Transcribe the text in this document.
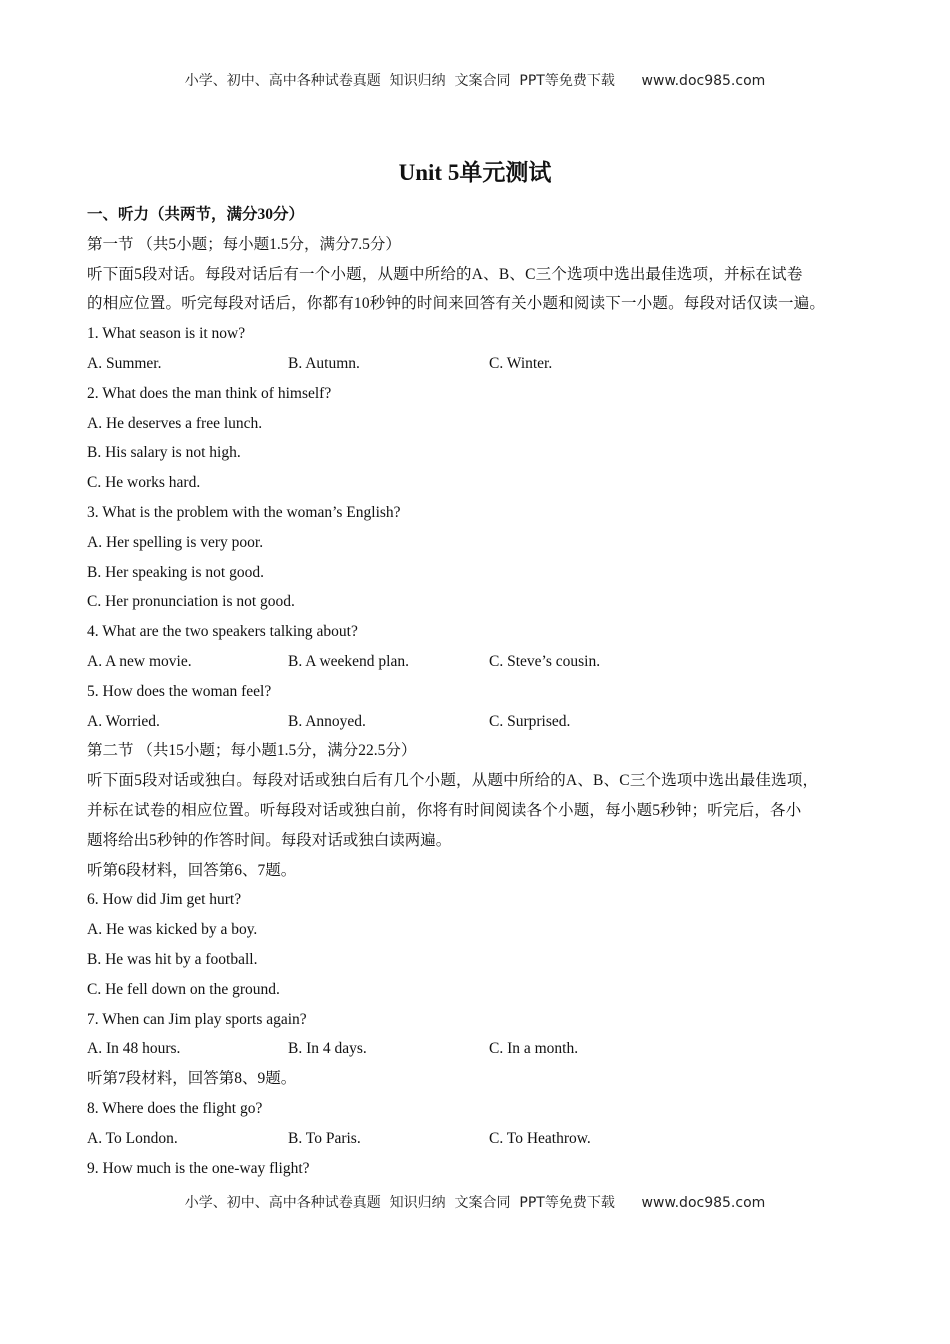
小学、初中、高中各种试卷真题  知识归纳  文案合同  PPT等免费下载      www.doc985.com
Unit 5单元测试
一、听力（共两节，满分30分）
第一节 （共5小题；每小题1.5分，满分7.5分）
听下面5段对话。每段对话后有一个小题，从题中所给的A、B、C三个选项中选出最佳选项，并标在试卷
的相应位置。听完每段对话后，你都有10秒钟的时间来回答有关小题和阅读下一小题。每段对话仅读一遍。
1. What season is it now?
A. Summer.	B. Autumn.	C. Winter.
2. What does the man think of himself?
A. He deserves a free lunch.
B. His salary is not high.
C. He works hard.
3. What is the problem with the woman’s English?
A. Her spelling is very poor.
B. Her speaking is not good.
C. Her pronunciation is not good.
4. What are the two speakers talking about?
A. A new movie.	B. A weekend plan.	C. Steve’s cousin.
5. How does the woman feel?
A. Worried.	B. Annoyed.	C. Surprised.
第二节 （共15小题；每小题1.5分，满分22.5分）
听下面5段对话或独白。每段对话或独白后有几个小题，从题中所给的A、B、C三个选项中选出最佳选项，
并标在试卷的相应位置。听每段对话或独白前，你将有时间阅读各个小题，每小题5秒钟；听完后，各小
题将给出5秒钟的作答时间。每段对话或独白读两遍。
听第6段材料，回答第6、7题。
6. How did Jim get hurt?
A. He was kicked by a boy.
B. He was hit by a football.
C. He fell down on the ground.
7. When can Jim play sports again?
A. In 48 hours.	B. In 4 days.	C. In a month.
听第7段材料，回答第8、9题。
8. Where does the flight go?
A. To London.	B. To Paris.	C. To Heathrow.
9. How much is the one-way flight?
小学、初中、高中各种试卷真题  知识归纳  文案合同  PPT等免费下载      www.doc985.com
